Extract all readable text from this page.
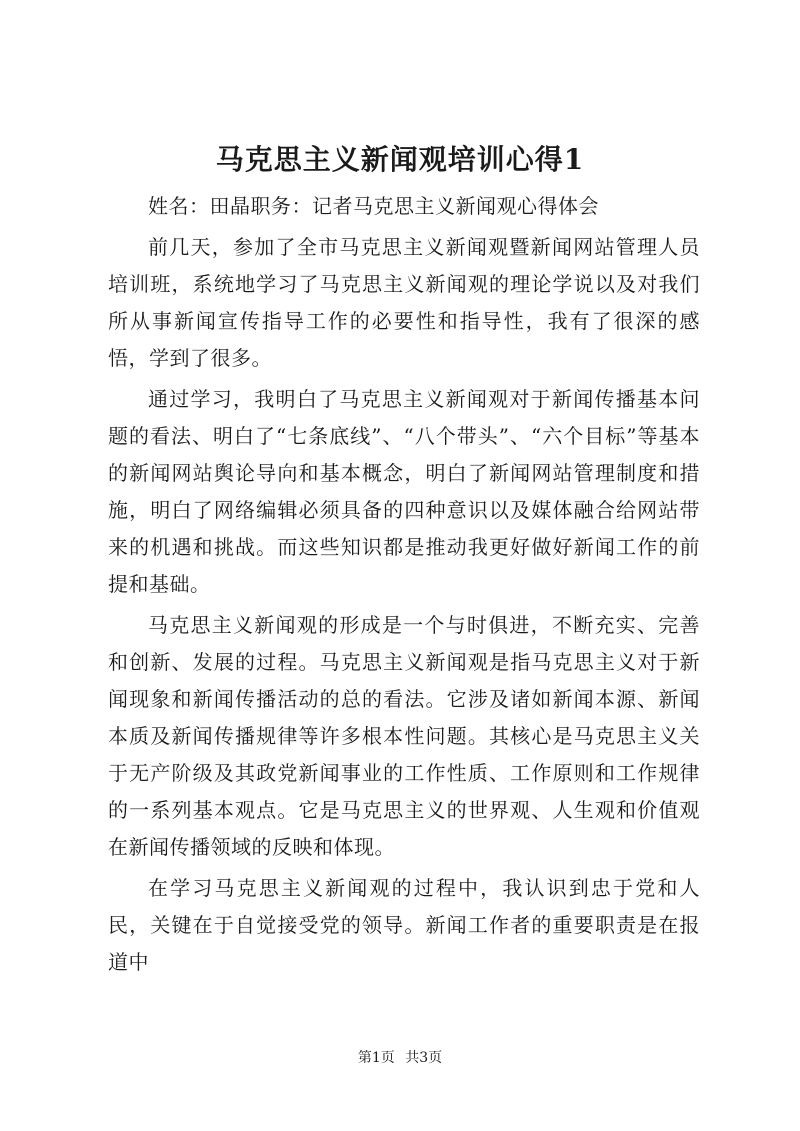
马克思主义新闻观培训心得1

姓名：田晶职务：记者马克思主义新闻观心得体会

前几天，参加了全市马克思主义新闻观暨新闻网站管理人员培训班，系统地学习了马克思主义新闻观的理论学说以及对我们所从事新闻宣传指导工作的必要性和指导性，我有了很深的感悟，学到了很多。

通过学习，我明白了马克思主义新闻观对于新闻传播基本问题的看法、明白了“七条底线”、“八个带头”、“六个目标”等基本的新闻网站舆论导向和基本概念，明白了新闻网站管理制度和措施，明白了网络编辑必须具备的四种意识以及媒体融合给网站带来的机遇和挑战。而这些知识都是推动我更好做好新闻工作的前提和基础。

马克思主义新闻观的形成是一个与时俱进，不断充实、完善和创新、发展的过程。马克思主义新闻观是指马克思主义对于新闻现象和新闻传播活动的总的看法。它涉及诸如新闻本源、新闻本质及新闻传播规律等许多根本性问题。其核心是马克思主义关于无产阶级及其政党新闻事业的工作性质、工作原则和工作规律的一系列基本观点。它是马克思主义的世界观、人生观和价值观在新闻传播领域的反映和体现。

在学习马克思主义新闻观的过程中，我认识到忠于党和人民，关键在于自觉接受党的领导。新闻工作者的重要职责是在报道中

第1页 共3页
